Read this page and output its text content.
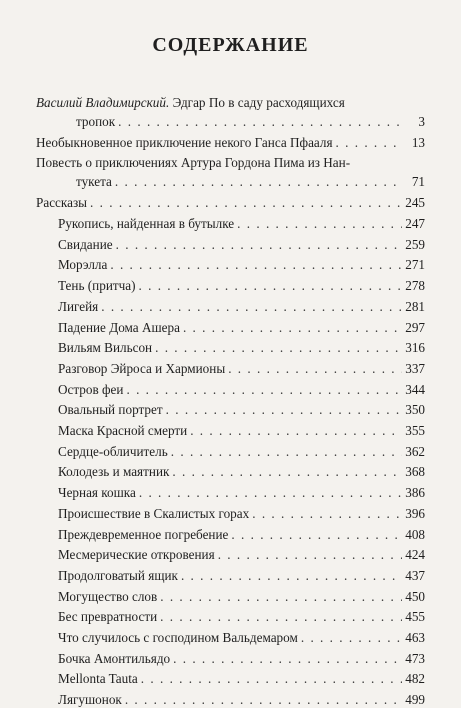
СОДЕРЖАНИЕ
Василий Владимирский. Эдгар По в саду расходящихся
тропок . . .	3
Необыкновенное приключение некого Ганса Пфааля . . .	13
Повесть о приключениях Артура Гордона Пима из Нан-
тукета . . .	71
Рассказы . . .	245
Рукопись, найденная в бутылке . . .	247
Свидание . . .	259
Морэлла . . .	271
Тень (притча) . . .	278
Лигейя . . .	281
Падение Дома Ашера . . .	297
Вильям Вильсон . . .	316
Разговор Эйроса и Хармионы . . .	337
Остров феи . . .	344
Овальный портрет . . .	350
Маска Красной смерти . . .	355
Сердце-обличитель . . .	362
Колодезь и маятник . . .	368
Черная кошка . . .	386
Происшествие в Скалистых горах . . .	396
Преждевременное погребение . . .	408
Месмерические откровения . . .	424
Продолговатый ящик . . .	437
Могущество слов . . .	450
Бес превратности . . .	455
Что случилось с господином Вальдемаром . . .	463
Бочка Амонтильядо . . .	473
Mellonta Tauta . . .	482
Лягушонок . . .	499
